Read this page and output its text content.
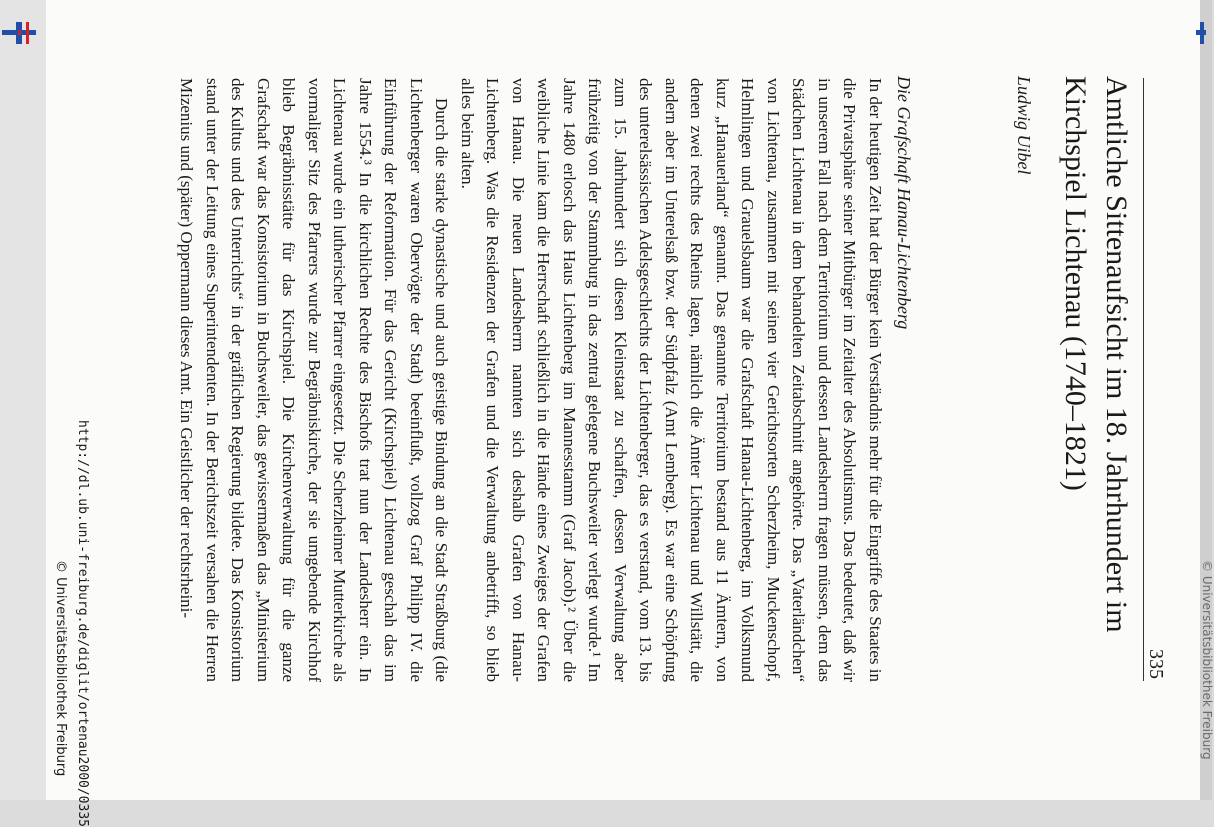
335
Amtliche Sittenaufsicht im 18. Jahrhundert im
Kirchspiel Lichtenau (1740–1821)
Ludwig Uibel
Die Grafschaft Hanau-Lichtenberg

In der heutigen Zeit hat der Bürger kein Verständnis mehr für die Eingriffe des Staates in die Privatsphäre seiner Mitbürger im Zeitalter des Absolutismus. Das bedeutet, daß wir in unserem Fall nach dem Territorium und dessen Landesherrn fragen müssen, dem das Städchen Lichtenau in dem behandelten Zeitabschnitt angehörte. Das „Vaterländchen“ von Lichtenau, zusammen mit seinen vier Gerichtsorten Scherzheim, Muckenschopf, Helmlingen und Grauelsbaum war die Grafschaft Hanau-Lichtenberg, im Volksmund kurz „Hanauerland“ genannt. Das genannte Territorium bestand aus 11 Ämtern, von denen zwei rechts des Rheins lagen, nämlich die Ämter Lichtenau und Willstätt, die andern aber im Unterelsaß bzw. der Südpfalz (Amt Lemberg). Es war eine Schöpfung des unterelsässischen Adelsgeschlechts der Lichtenberger, das es verstand, vom 13. bis zum 15. Jahrhundert sich diesen Kleinstaat zu schaffen, dessen Verwaltung aber frühzeitig von der Stammburg in das zentral gelegene Buchsweiler verlegt wurde.¹ Im Jahre 1480 erlosch das Haus Lichtenberg im Mannesstamm (Graf Jacob).² Über die weibliche Linie kam die Herrschaft schließlich in die Hände eines Zweiges der Grafen von Hanau. Die neuen Landesherrn nannten sich deshalb Grafen von Hanau-Lichtenberg. Was die Residenzen der Grafen und die Verwaltung anbetrifft, so blieb alles beim alten.

Durch die starke dynastische und auch geistige Bindung an die Stadt Straßburg (die Lichtenberger waren Obervögte der Stadt) beeinflußt, vollzog Graf Philipp IV. die Einführung der Reformation. Für das Gericht (Kirchspiel) Lichtenau geschah das im Jahre 1554.³ In die kirchlichen Rechte des Bischofs trat nun der Landesherr ein. In Lichtenau wurde ein lutherischer Pfarrer eingesetzt. Die Scherzheimer Mutterkirche als vormaliger Sitz des Pfarrers wurde zur Begräbniskirche, der sie umgebende Kirchhof blieb Begräbnisstätte für das Kirchspiel. Die Kirchenverwaltung für die ganze Grafschaft war das Konsistorium in Buchsweiler, das gewissermaßen das „Ministerium des Kultus und des Unterrichts“ in der gräflichen Regierung bildete. Das Konsistorium stand unter der Leitung eines Superintendenten. In der Berichtszeit versahen die Herren Mizenius und (später) Oppermann dieses Amt. Ein Geistlicher der rechtsrheini-

http://dl.ub.uni-freiburg.de/diglit/ortenau2000/0335
© Universitätsbibliothek Freiburg	© Universitätsbibliothek Freiburg
